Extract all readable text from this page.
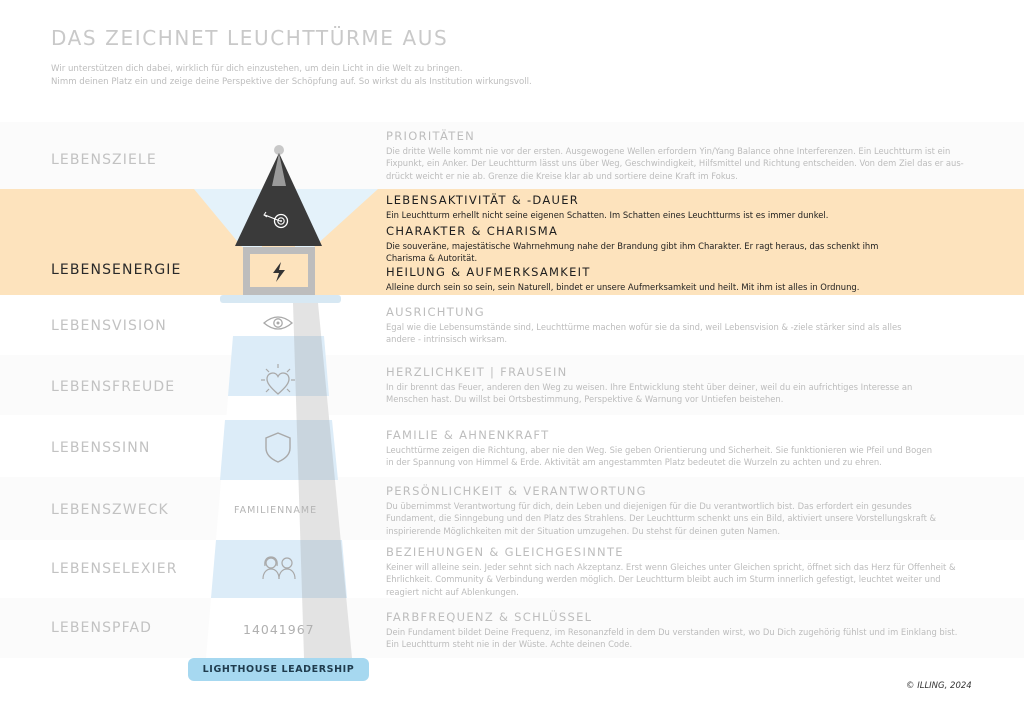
DAS ZEICHNET LEUCHTTÜRME AUS
Wir unterstützen dich dabei, wirklich für dich einzustehen, um dein Licht in die Welt zu bringen.
Nimm deinen Platz ein und zeige deine Perspektive der Schöpfung auf. So wirkst du als Institution wirkungsvoll.
LEBENSZIELE
LEBENSENERGIE
LEBENSVISION
LEBENSFREUDE
LEBENSSINN
LEBENSZWECK
LEBENSELEXIER
LEBENSPFAD
FAMILIENNAME
14041967
LIGHTHOUSE LEADERSHIP
PRIORITÄTEN
Die dritte Welle kommt nie vor der ersten. Ausgewogene Wellen erfordern Yin/Yang Balance ohne Interferenzen. Ein Leuchtturm ist ein
Fixpunkt, ein Anker. Der Leuchtturm lässt uns über Weg, Geschwindigkeit, Hilfsmittel und Richtung entscheiden. Von dem Ziel das er aus-
drückt weicht er nie ab. Grenze die Kreise klar ab und sortiere deine Kraft im Fokus.
LEBENSAKTIVITÄT & -DAUER
Ein Leuchtturm erhellt nicht seine eigenen Schatten. Im Schatten eines Leuchtturms ist es immer dunkel.
CHARAKTER & CHARISMA
Die souveräne, majestätische Wahrnehmung nahe der Brandung gibt ihm Charakter. Er ragt heraus, das schenkt ihm
Charisma & Autorität.
HEILUNG & AUFMERKSAMKEIT
Alleine durch sein so sein, sein Naturell, bindet er unsere Aufmerksamkeit und heilt. Mit ihm ist alles in Ordnung.
AUSRICHTUNG
Egal wie die Lebensumstände sind, Leuchttürme machen wofür sie da sind, weil Lebensvision & -ziele stärker sind als alles
andere - intrinsisch wirksam.
HERZLICHKEIT | FRAUSEIN
In dir brennt das Feuer, anderen den Weg zu weisen. Ihre Entwicklung steht über deiner, weil du ein aufrichtiges Interesse an
Menschen hast. Du willst bei Ortsbestimmung, Perspektive & Warnung vor Untiefen beistehen.
FAMILIE & AHNENKRAFT
Leuchttürme zeigen die Richtung, aber nie den Weg. Sie geben Orientierung und Sicherheit. Sie funktionieren wie Pfeil und Bogen
in der Spannung von Himmel & Erde. Aktivität am angestammten Platz bedeutet die Wurzeln zu achten und zu ehren.
PERSÖNLICHKEIT & VERANTWORTUNG
Du übernimmst Verantwortung für dich, dein Leben und diejenigen für die Du verantwortlich bist. Das erfordert ein gesundes
Fundament, die Sinngebung und den Platz des Strahlens. Der Leuchtturm schenkt uns ein Bild, aktiviert unsere Vorstellungskraft &
inspirierende Möglichkeiten mit der Situation umzugehen. Du stehst für deinen guten Namen.
BEZIEHUNGEN & GLEICHGESINNTE
Keiner will alleine sein. Jeder sehnt sich nach Akzeptanz. Erst wenn Gleiches unter Gleichen spricht, öffnet sich das Herz für Offenheit &
Ehrlichkeit. Community & Verbindung werden möglich. Der Leuchtturm bleibt auch im Sturm innerlich gefestigt, leuchtet weiter und
reagiert nicht auf Ablenkungen.
FARBFREQUENZ & SCHLÜSSEL
Dein Fundament bildet Deine Frequenz, im Resonanzfeld in dem Du verstanden wirst, wo Du Dich zugehörig fühlst und im Einklang bist.
Ein Leuchtturm steht nie in der Wüste. Achte deinen Code.
© ILLING, 2024
